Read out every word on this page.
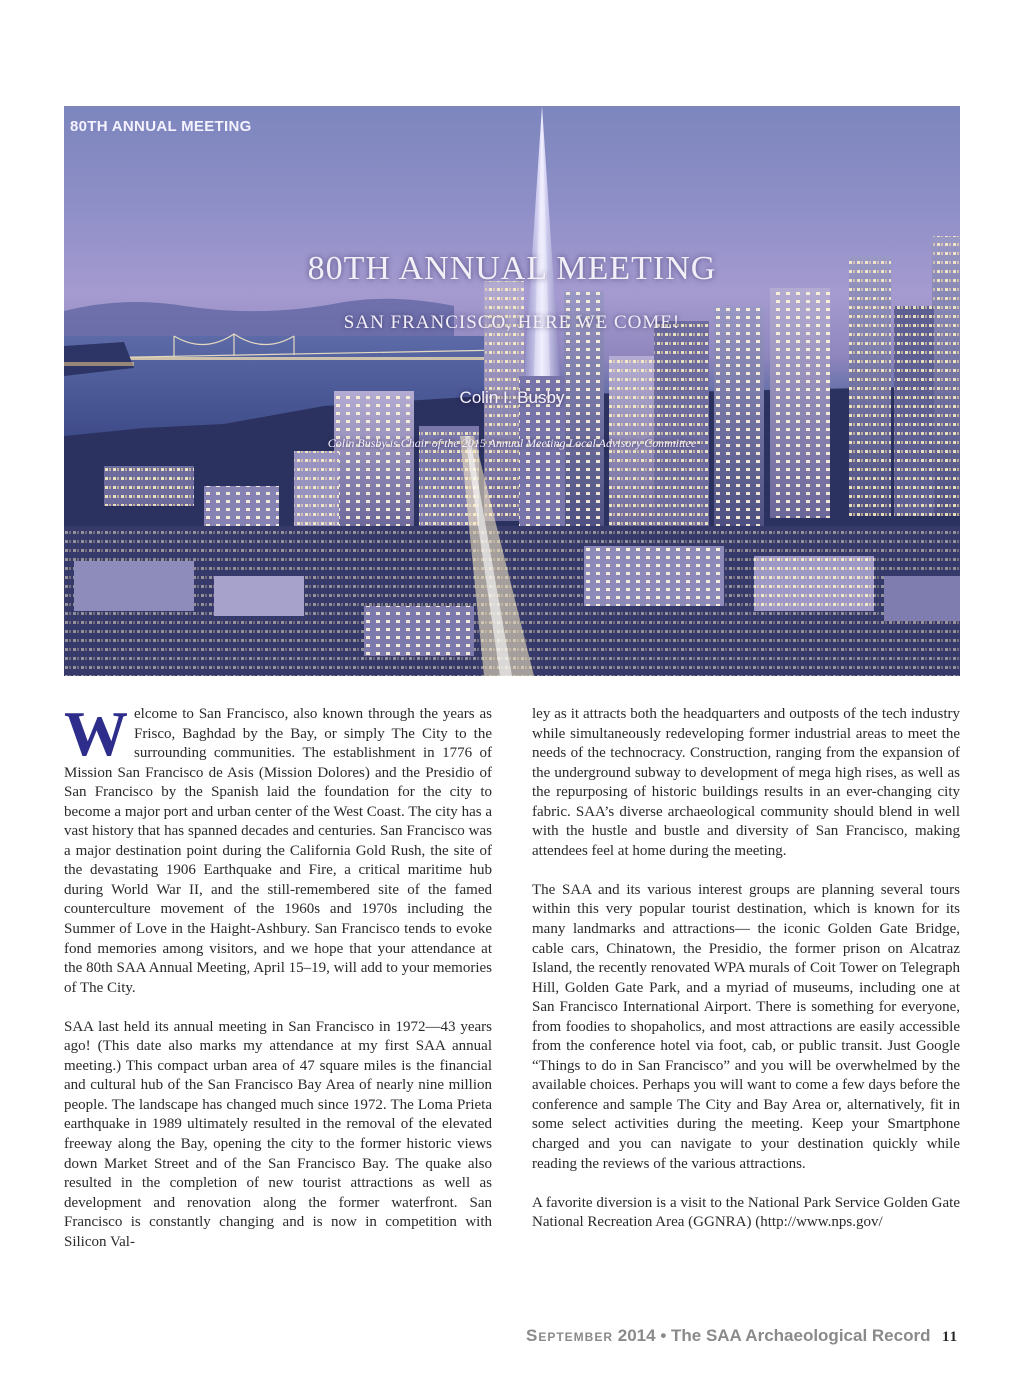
80TH ANNUAL MEETING
80TH ANNUAL MEETING
SAN FRANCISCO, HERE WE COME!
Colin I. Busby
Colin Busby is Chair of the 2015 Annual Meeting Local Advisory Committee

Welcome to San Francisco, also known through the years as Frisco, Baghdad by the Bay, or simply The City to the surrounding communities. The establishment in 1776 of Mission San Francisco de Asis (Mission Dolores) and the Presidio of San Francisco by the Spanish laid the foundation for the city to become a major port and urban center of the West Coast. The city has a vast history that has spanned decades and centuries. San Francisco was a major destination point during the California Gold Rush, the site of the devastating 1906 Earthquake and Fire, a critical maritime hub during World War II, and the still-remembered site of the famed counterculture movement of the 1960s and 1970s including the Summer of Love in the Haight-Ashbury. San Francisco tends to evoke fond memories among visitors, and we hope that your attendance at the 80th SAA Annual Meeting, April 15–19, will add to your memories of The City.

SAA last held its annual meeting in San Francisco in 1972—43 years ago! (This date also marks my attendance at my first SAA annual meeting.) This compact urban area of 47 square miles is the financial and cultural hub of the San Francisco Bay Area of nearly nine million people. The landscape has changed much since 1972. The Loma Prieta earthquake in 1989 ultimately resulted in the removal of the elevated freeway along the Bay, opening the city to the former historic views down Market Street and of the San Francisco Bay. The quake also resulted in the completion of new tourist attractions as well as development and renovation along the former waterfront. San Francisco is constantly changing and is now in competition with Silicon Val-

ley as it attracts both the headquarters and outposts of the tech industry while simultaneously redeveloping former industrial areas to meet the needs of the technocracy. Construction, ranging from the expansion of the underground subway to development of mega high rises, as well as the repurposing of historic buildings results in an ever-changing city fabric. SAA’s diverse archaeological community should blend in well with the hustle and bustle and diversity of San Francisco, making attendees feel at home during the meeting.

The SAA and its various interest groups are planning several tours within this very popular tourist destination, which is known for its many landmarks and attractions— the iconic Golden Gate Bridge, cable cars, Chinatown, the Presidio, the former prison on Alcatraz Island, the recently renovated WPA murals of Coit Tower on Telegraph Hill, Golden Gate Park, and a myriad of museums, including one at San Francisco International Airport. There is something for everyone, from foodies to shopaholics, and most attractions are easily accessible from the conference hotel via foot, cab, or public transit. Just Google “Things to do in San Francisco” and you will be overwhelmed by the available choices. Perhaps you will want to come a few days before the conference and sample The City and Bay Area or, alternatively, fit in some select activities during the meeting. Keep your Smartphone charged and you can navigate to your destination quickly while reading the reviews of the various attractions.

A favorite diversion is a visit to the National Park Service Golden Gate National Recreation Area (GGNRA) (http://www.nps.gov/

September 2014 • The SAA Archaeological Record 11
